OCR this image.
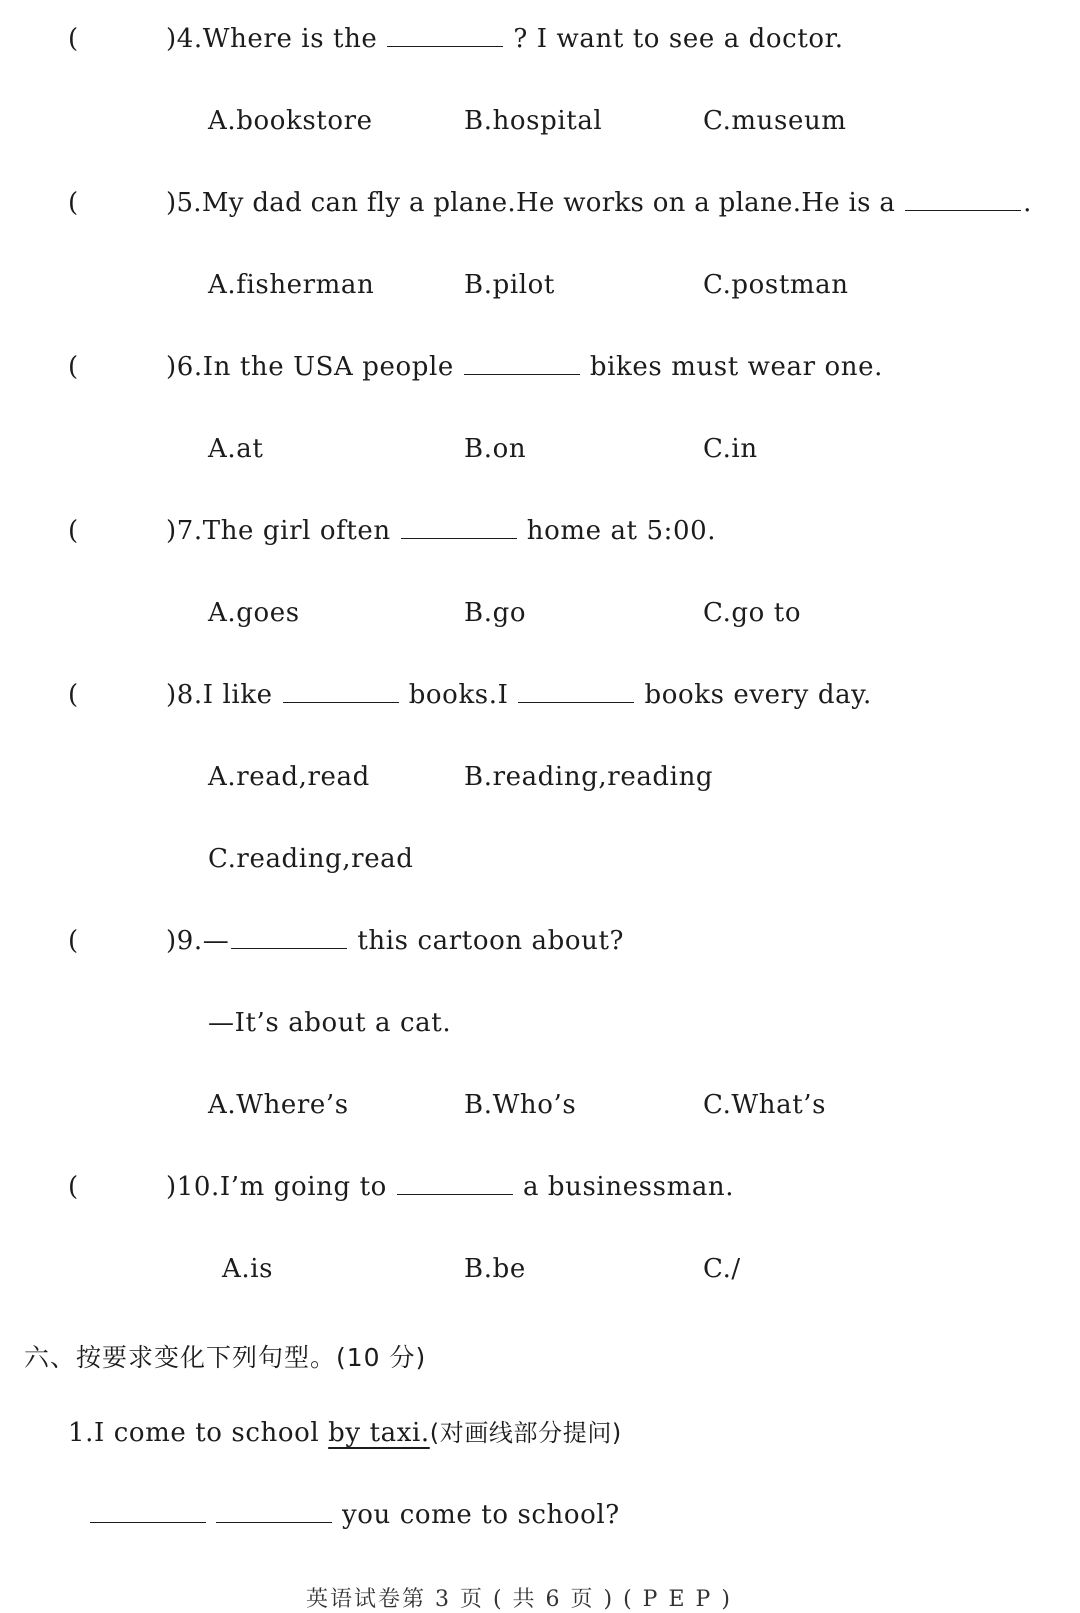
(	)4.Where is the	? I want to see a doctor.
A.bookstore	B.hospital	C.museum
(	)5.My dad can fly a plane.He works on a plane.He is a	.
A.fisherman	B.pilot	C.postman
(	)6.In the USA people	bikes must wear one.
A.at	B.on	C.in
(	)7.The girl often	home at 5:00.
A.goes	B.go	C.go to
(	)8.I like	books.I	books every day.
A.read,read	B.reading,reading
C.reading,read
(	)9.—	this cartoon about?
—It’s about a cat.
A.Where’s	B.Who’s	C.What’s
(	)10.I’m going to	a businessman.
A.is	B.be	C./
六、按要求变化下列句型。(10 分)
1.I come to school by taxi.(对画线部分提问)
you come to school?
英语试卷第 3 页 ( 共 6 页 ) ( P E P )
